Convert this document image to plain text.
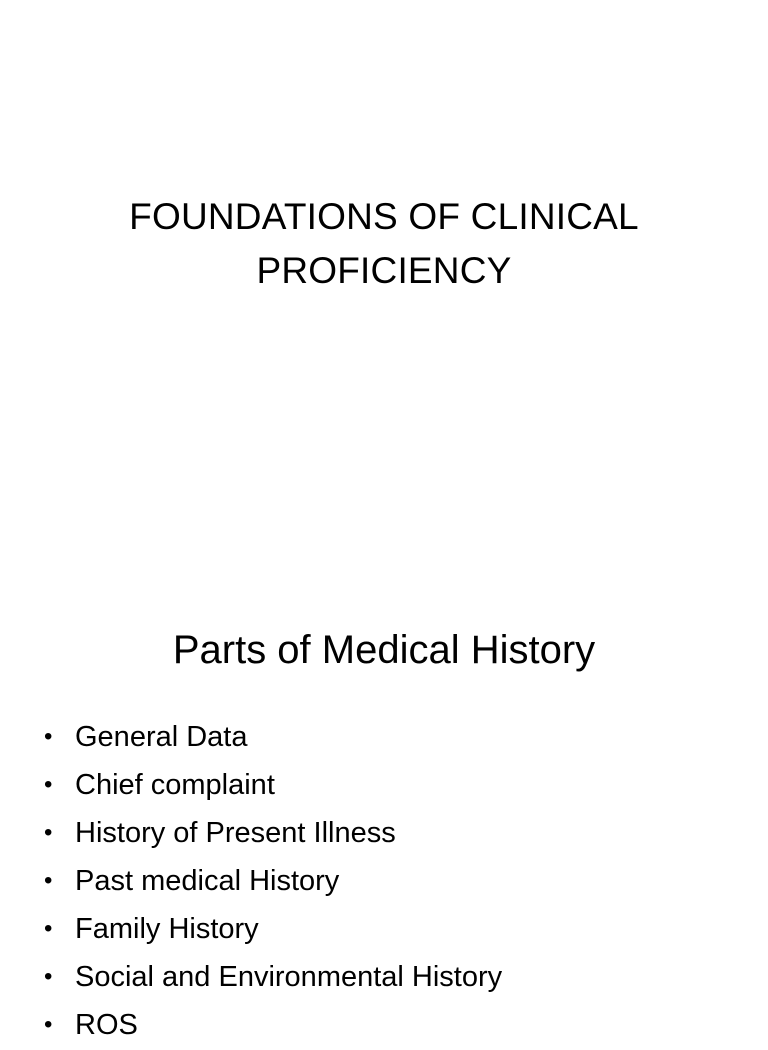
FOUNDATIONS OF CLINICAL
PROFICIENCY
Parts of Medical History
• General Data
• Chief complaint
• History of Present Illness
• Past medical History
• Family History
• Social and Environmental History
• ROS
